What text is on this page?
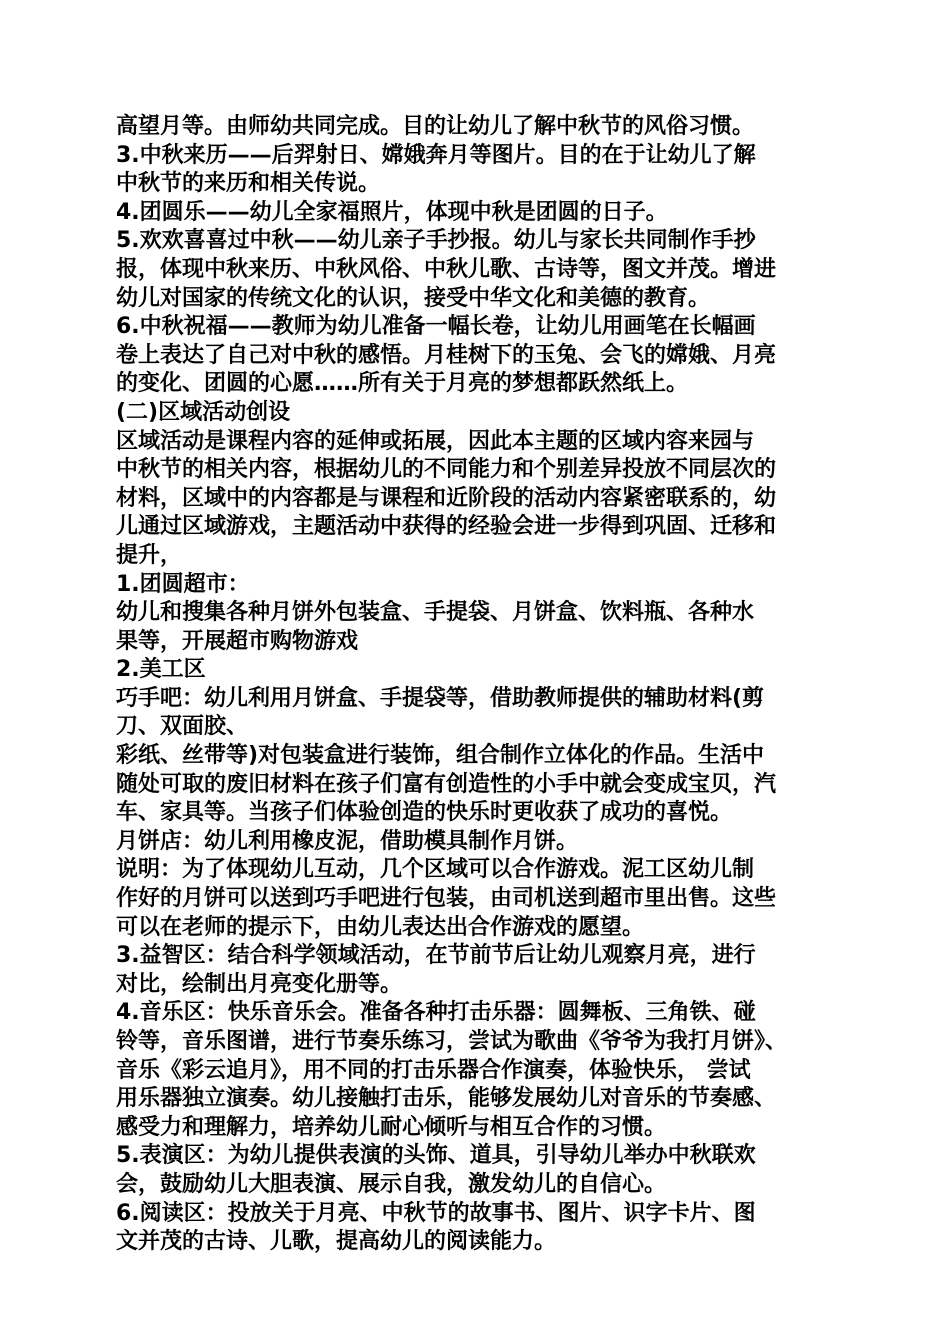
高望月等。由师幼共同完成。目的让幼儿了解中秋节的风俗习惯。
3.中秋来历——后羿射日、嫦娥奔月等图片。目的在于让幼儿了解
中秋节的来历和相关传说。
4.团圆乐——幼儿全家福照片，体现中秋是团圆的日子。
5.欢欢喜喜过中秋——幼儿亲子手抄报。幼儿与家长共同制作手抄
报，体现中秋来历、中秋风俗、中秋儿歌、古诗等，图文并茂。增进
幼儿对国家的传统文化的认识，接受中华文化和美德的教育。
6.中秋祝福——教师为幼儿准备一幅长卷，让幼儿用画笔在长幅画
卷上表达了自己对中秋的感悟。月桂树下的玉兔、会飞的嫦娥、月亮
的变化、团圆的心愿……所有关于月亮的梦想都跃然纸上。
(二)区域活动创设
区域活动是课程内容的延伸或拓展，因此本主题的区域内容来园与
中秋节的相关内容，根据幼儿的不同能力和个别差异投放不同层次的
材料，区域中的内容都是与课程和近阶段的活动内容紧密联系的，幼
儿通过区域游戏，主题活动中获得的经验会进一步得到巩固、迁移和
提升，
1.团圆超市：
幼儿和搜集各种月饼外包装盒、手提袋、月饼盒、饮料瓶、各种水
果等，开展超市购物游戏
2.美工区
巧手吧：幼儿利用月饼盒、手提袋等，借助教师提供的辅助材料(剪
刀、双面胶、
彩纸、丝带等)对包装盒进行装饰，组合制作立体化的作品。生活中
随处可取的废旧材料在孩子们富有创造性的小手中就会变成宝贝，汽
车、家具等。当孩子们体验创造的快乐时更收获了成功的喜悦。
月饼店：幼儿利用橡皮泥，借助模具制作月饼。
说明：为了体现幼儿互动，几个区域可以合作游戏。泥工区幼儿制
作好的月饼可以送到巧手吧进行包装，由司机送到超市里出售。这些
可以在老师的提示下，由幼儿表达出合作游戏的愿望。
3.益智区：结合科学领域活动，在节前节后让幼儿观察月亮，进行
对比，绘制出月亮变化册等。
4.音乐区：快乐音乐会。准备各种打击乐器：圆舞板、三角铁、碰
铃等，音乐图谱，进行节奏乐练习，尝试为歌曲《爷爷为我打月饼》、
音乐《彩云追月》，用不同的打击乐器合作演奏，体验快乐， 尝试
用乐器独立演奏。幼儿接触打击乐，能够发展幼儿对音乐的节奏感、
感受力和理解力，培养幼儿耐心倾听与相互合作的习惯。
5.表演区：为幼儿提供表演的头饰、道具，引导幼儿举办中秋联欢
会，鼓励幼儿大胆表演、展示自我，激发幼儿的自信心。
6.阅读区：投放关于月亮、中秋节的故事书、图片、识字卡片、图
文并茂的古诗、儿歌，提高幼儿的阅读能力。
